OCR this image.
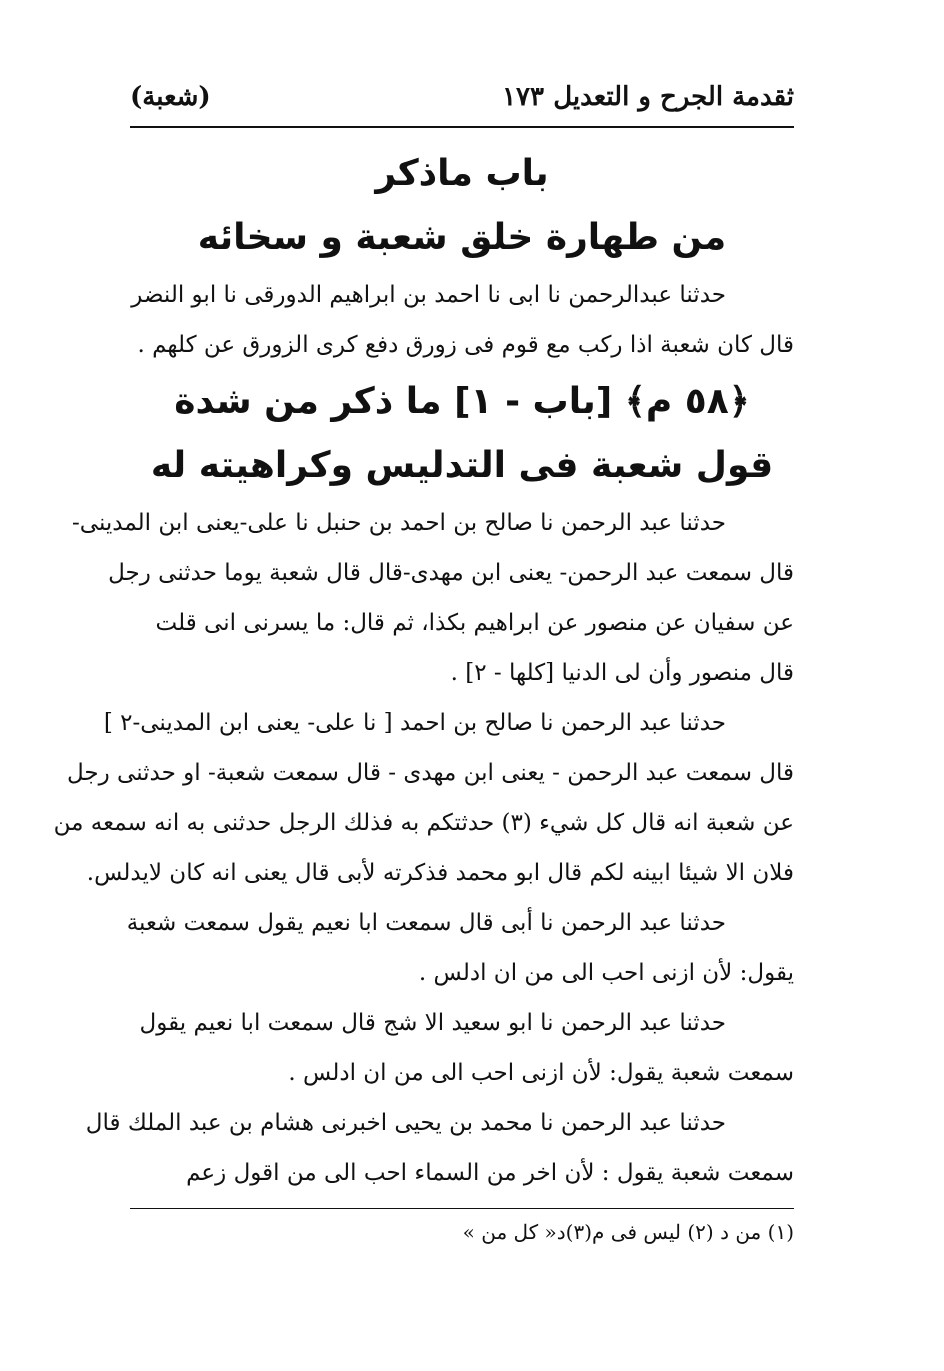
ثقدمة الجرح و التعديل
١٧٣
(شعبة)
باب ماذكر
من طهارة خلق شعبة و سخائه

حدثنا عبدالرحمن نا ابى نا احمد بن ابراهيم الدورقى نا ابو النضر
قال كان شعبة اذا ركب مع قوم فى زورق دفع كرى الزورق عن كلهم .

﴿٥٨ م﴾ [باب - ١] ما ذكر من شدة
قول شعبة فى التدليس وكراهيته له

حدثنا عبد الرحمن نا صالح بن احمد بن حنبل نا على-يعنى ابن المدينى-
قال سمعت عبد الرحمن- يعنى ابن مهدى-قال قال شعبة يوما حدثنى رجل
عن سفيان عن منصور عن ابراهيم بكذا، ثم قال: ما يسرنى انى قلت
قال منصور وأن لى الدنيا [كلها - ٢] .

حدثنا عبد الرحمن نا صالح بن احمد [ نا على- يعنى ابن المدينى-٢ ]
قال سمعت عبد الرحمن - يعنى ابن مهدى - قال سمعت شعبة- او حدثنى رجل
عن شعبة انه قال كل شيء (٣) حدثتكم به فذلك الرجل حدثنى به انه سمعه من
فلان الا شيئا ابينه لكم قال ابو محمد فذكرته لأبى قال يعنى انه كان لايدلس.

حدثنا عبد الرحمن نا أبى قال سمعت ابا نعيم يقول سمعت شعبة
يقول: لأن ازنى احب الى من ان ادلس .

حدثنا عبد الرحمن نا ابو سعيد الا شج قال سمعت ابا نعيم يقول
سمعت شعبة يقول: لأن ازنى احب الى من ان ادلس .

حدثنا عبد الرحمن نا محمد بن يحيى اخبرنى هشام بن عبد الملك قال
سمعت شعبة يقول : لأن اخر من السماء احب الى من اقول زعم

(١) من د (٢) ليس فى م(٣)د« كل من »
